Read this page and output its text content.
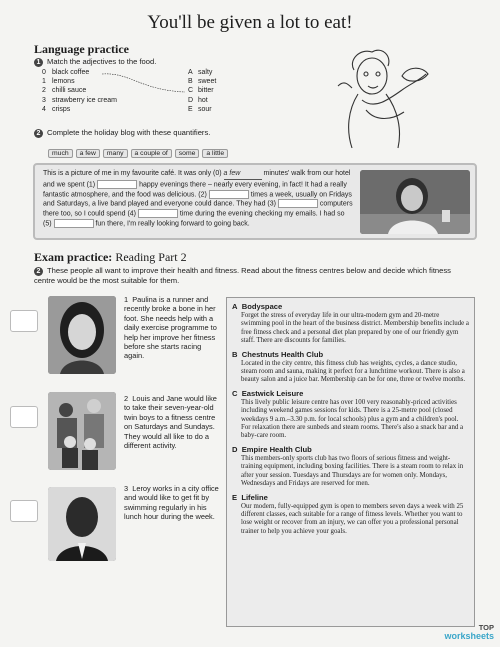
You'll be given a lot to eat!
Language practice
1 Match the adjectives to the food.
0 black coffee
1 lemons
2 chilli sauce
3 strawberry ice cream
4 crisps
A salty
B sweet
C bitter
D hot
E sour
2 Complete the holiday blog with these quantifiers.
much a few many a couple of some a little
This is a picture of me in my favourite café. It was only (0) a few	minutes' walk from our hotel and we spent (1)	happy evenings there – nearly every evening, in fact! It had a really fantastic atmosphere, and the food was delicious. (2)	times a week, usually on Fridays and Saturdays, a live band played and everyone could dance. They had (3)	computers there too, so I could spend (4)	time during the evening checking my emails. I had so (5)	fun there, I'm really looking forward to going back.
Exam practice: Reading Part 2
2 These people all want to improve their health and fitness. Read about the fitness centres below and decide which fitness centre would be the most suitable for them.
1 Paulina is a runner and recently broke a bone in her foot. She needs help with a daily exercise programme to help her improve her fitness before she starts racing again.
2 Louis and Jane would like to take their seven-year-old twin boys to a fitness centre on Saturdays and Sundays. They would all like to do a different activity.
3 Leroy works in a city office and would like to get fit by swimming regularly in his lunch hour during the week.
A Bodyspace
Forget the stress of everyday life in our ultra-modern gym and 20-metre swimming pool in the heart of the business district. Membership benefits include a free fitness check and a personal diet plan prepared by one of our friendly gym staff. There are discounts for families.
B Chestnuts Health Club
Located in the city centre, this fitness club has weights, cycles, a dance studio, steam room and sauna, making it perfect for a lunchtime workout. There is also a beauty salon and a juice bar. Membership can be for one, three or twelve months.
C Eastwick Leisure
This lively public leisure centre has over 100 very reasonably-priced activities including weekend games sessions for kids. There is a 25-metre pool (closed weekdays 9 a.m.–3.30 p.m. for local schools) plus a gym and a children's pool. For relaxation there are sunbeds and steam rooms. There's also a snack bar and a baby-care room.
D Empire Health Club
This members-only sports club has two floors of serious fitness and weight-training equipment, including boxing facilities. There is a steam room to relax in after your session. Tuesdays and Thursdays are for women only. Mondays, Wednesdays and Fridays are reserved for men.
E Lifeline
Our modern, fully-equipped gym is open to members seven days a week with 25 different classes, each suitable for a range of fitness levels. Whether you want to lose weight or recover from an injury, we can offer you a professional personal trainer to help you achieve your goals.
TOP
worksheets
